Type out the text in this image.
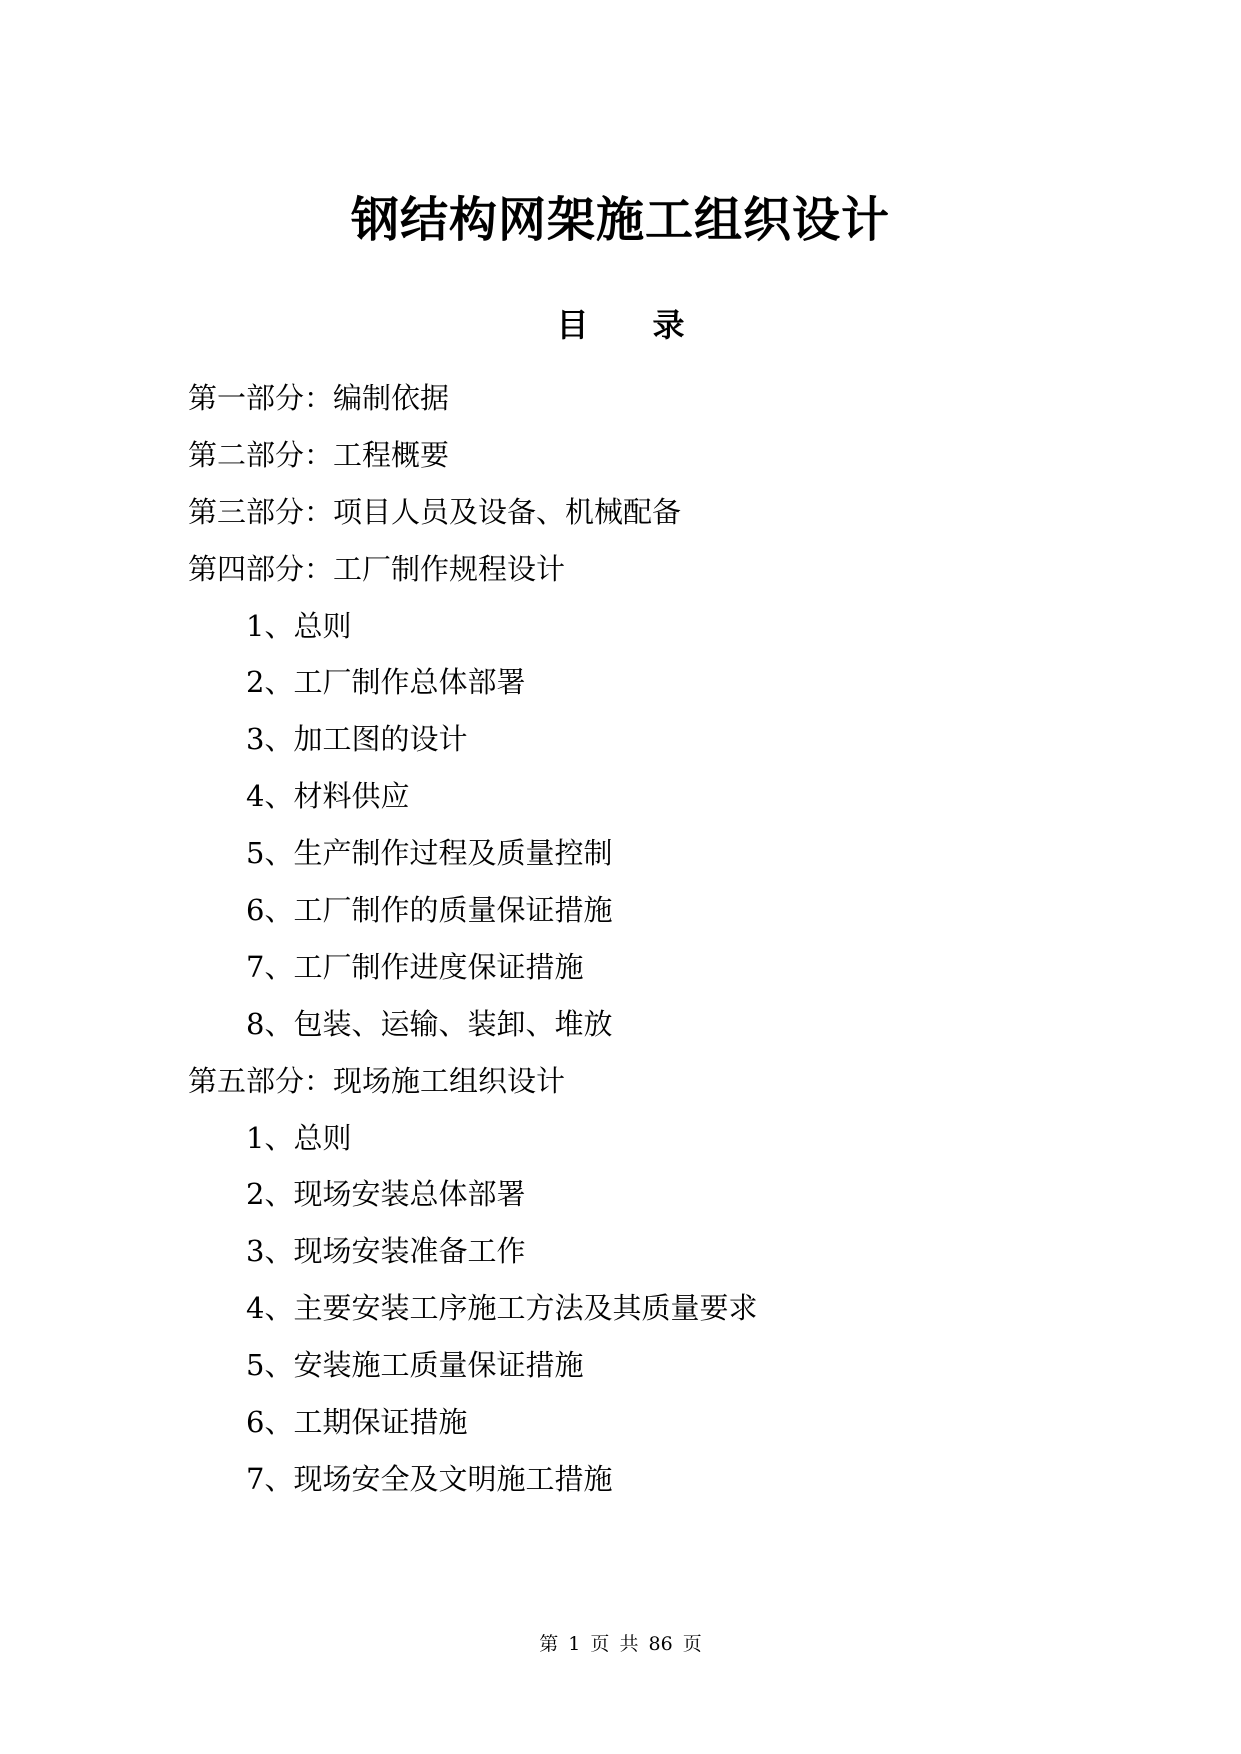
钢结构网架施工组织设计
目　　录
第一部分：编制依据
第二部分：工程概要
第三部分：项目人员及设备、机械配备
第四部分：工厂制作规程设计
1、总则
2、工厂制作总体部署
3、加工图的设计
4、材料供应
5、生产制作过程及质量控制
6、工厂制作的质量保证措施
7、工厂制作进度保证措施
8、包装、运输、装卸、堆放
第五部分：现场施工组织设计
1、总则
2、现场安装总体部署
3、现场安装准备工作
4、主要安装工序施工方法及其质量要求
5、安装施工质量保证措施
6、工期保证措施
7、现场安全及文明施工措施
第 1 页 共 86 页
